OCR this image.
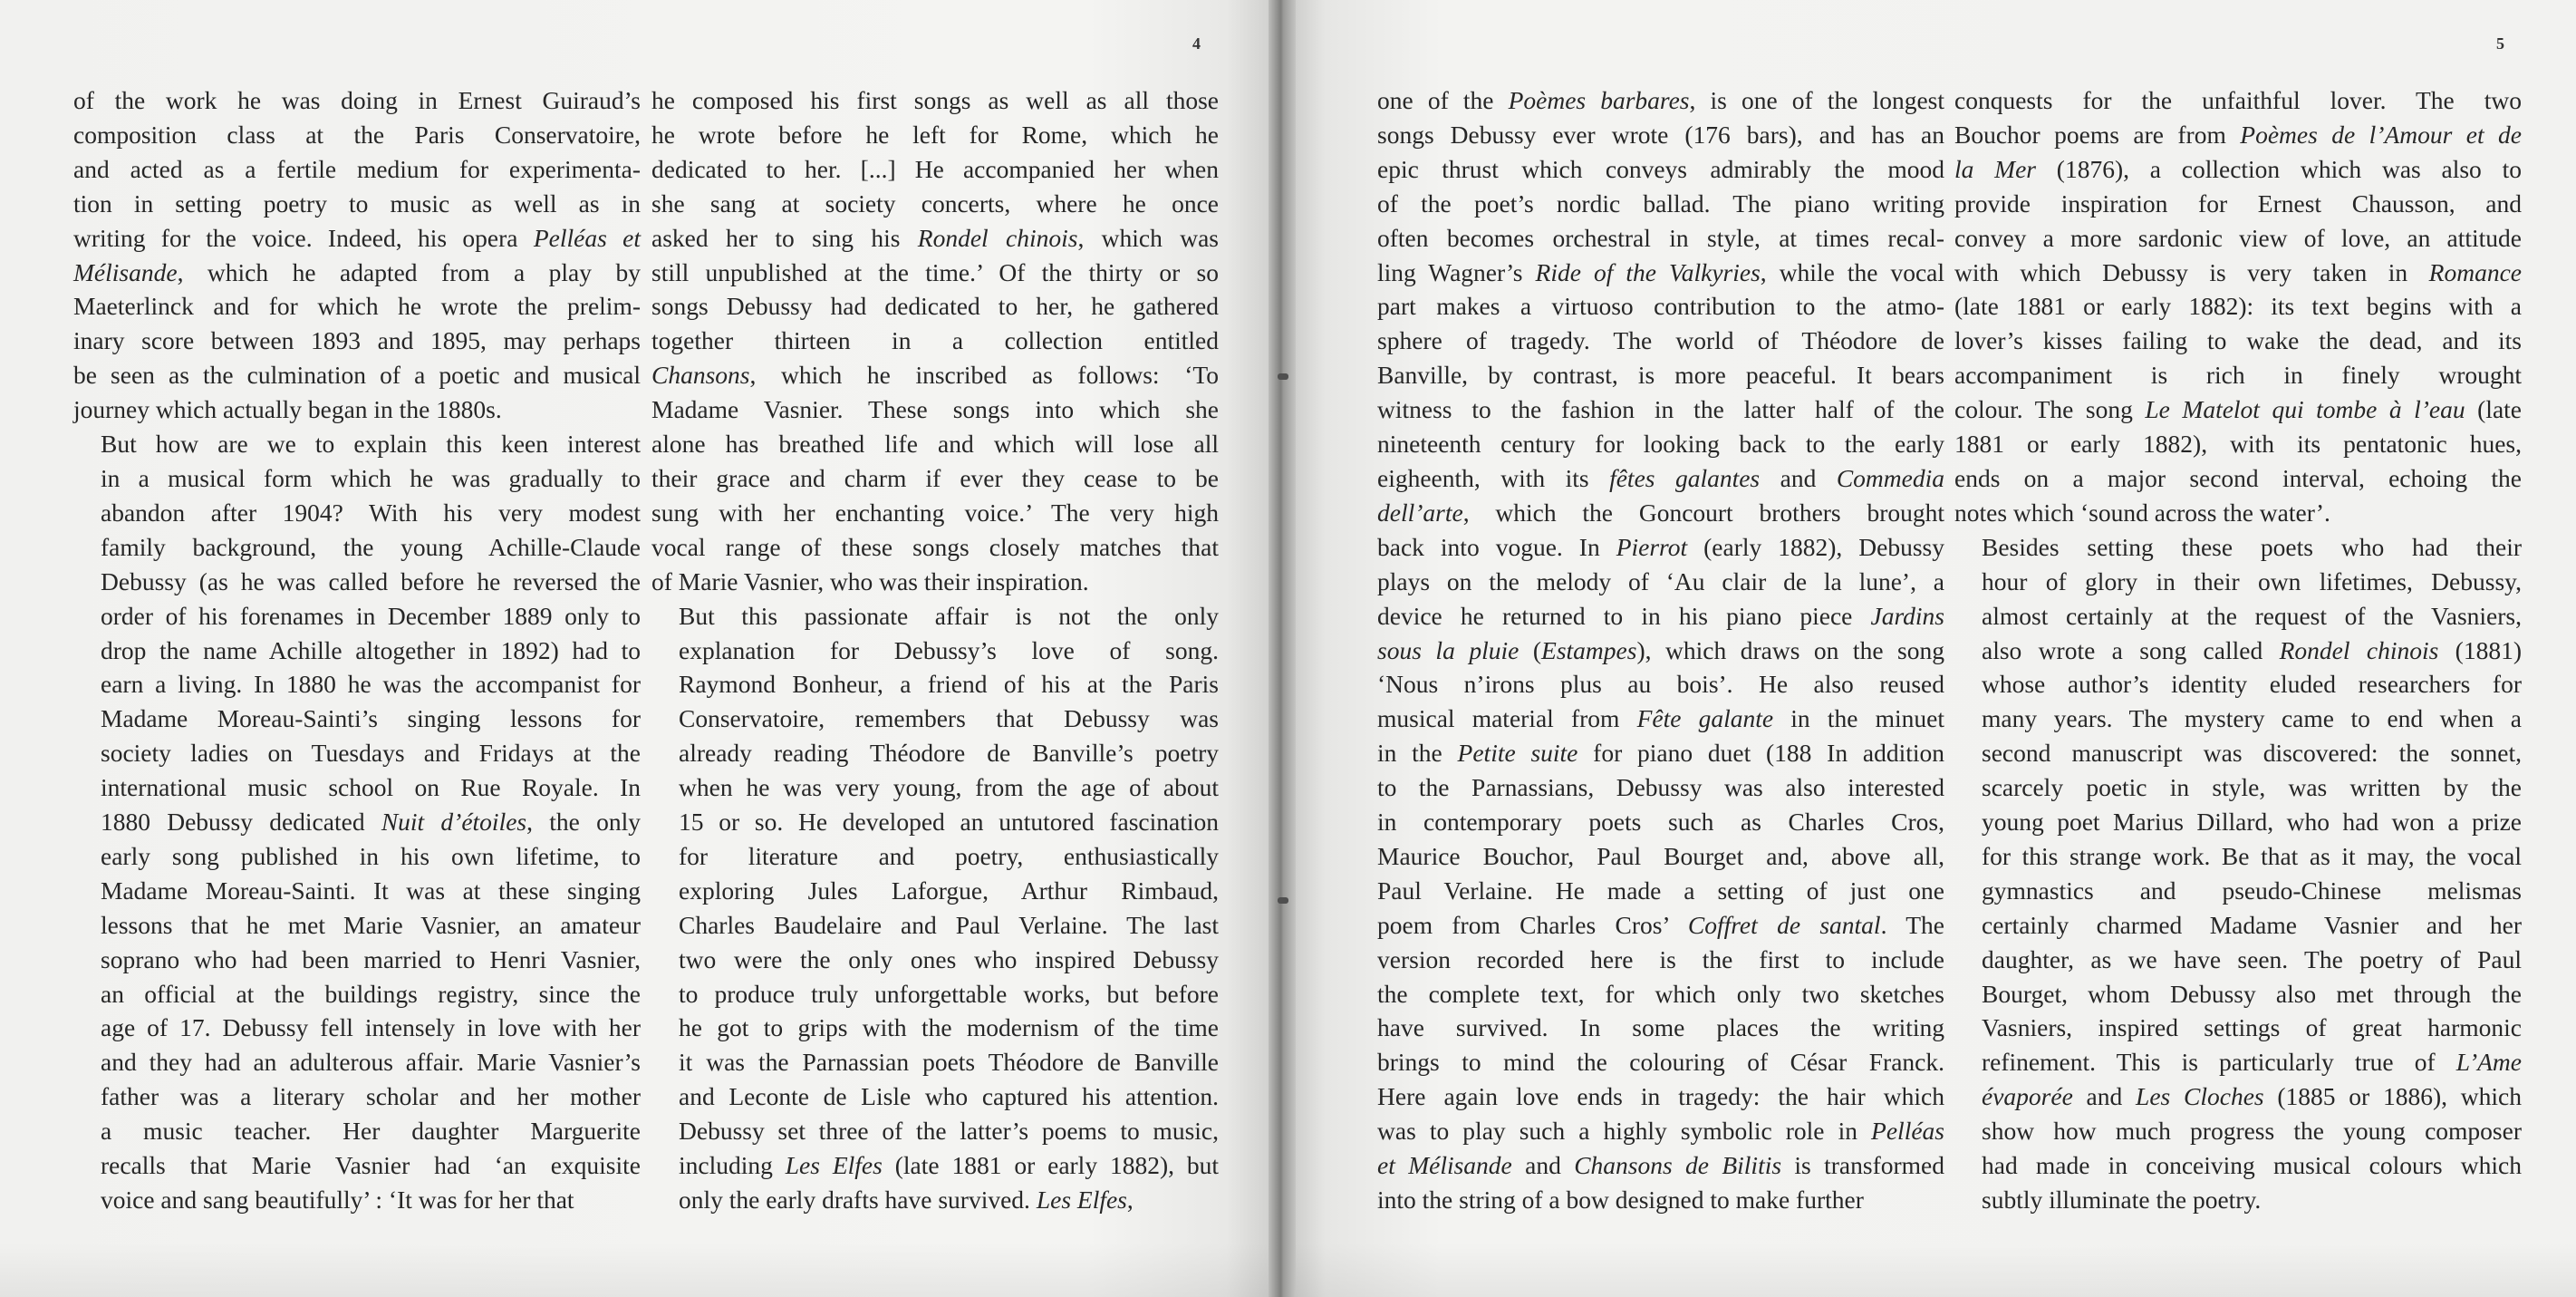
4

of the work he was doing in Ernest Guiraud’s
composition class at the Paris Conservatoire,
and acted as a fertile medium for experimenta-
tion in setting poetry to music as well as in
writing for the voice. Indeed, his opera Pelléas et
Mélisande, which he adapted from a play by
Maeterlinck and for which he wrote the prelim-
inary score between 1893 and 1895, may perhaps
be seen as the culmination of a poetic and musical
journey which actually began in the 1880s.

But how are we to explain this keen interest
in a musical form which he was gradually to
abandon after 1904? With his very modest
family background, the young Achille-Claude
Debussy (as he was called before he reversed the
order of his forenames in December 1889 only to
drop the name Achille altogether in 1892) had to
earn a living. In 1880 he was the accompanist for
Madame Moreau-Sainti’s singing lessons for
society ladies on Tuesdays and Fridays at the
international music school on Rue Royale. In
1880 Debussy dedicated Nuit d’étoiles, the only
early song published in his own lifetime, to
Madame Moreau-Sainti. It was at these singing
lessons that he met Marie Vasnier, an amateur
soprano who had been married to Henri Vasnier,
an official at the buildings registry, since the
age of 17. Debussy fell intensely in love with her
and they had an adulterous affair. Marie Vasnier’s
father was a literary scholar and her mother
a music teacher. Her daughter Marguerite
recalls that Marie Vasnier had ‘an exquisite
voice and sang beautifully’ : ‘It was for her that

he composed his first songs as well as all those
he wrote before he left for Rome, which he
dedicated to her. [...] He accompanied her when
she sang at society concerts, where he once
asked her to sing his Rondel chinois, which was
still unpublished at the time.’ Of the thirty or so
songs Debussy had dedicated to her, he gathered
together thirteen in a collection entitled
Chansons, which he inscribed as follows: ‘To
Madame Vasnier. These songs into which she
alone has breathed life and which will lose all
their grace and charm if ever they cease to be
sung with her enchanting voice.’ The very high
vocal range of these songs closely matches that
of Marie Vasnier, who was their inspiration.

But this passionate affair is not the only
explanation for Debussy’s love of song.
Raymond Bonheur, a friend of his at the Paris
Conservatoire, remembers that Debussy was
already reading Théodore de Banville’s poetry
when he was very young, from the age of about
15 or so. He developed an untutored fascination
for literature and poetry, enthusiastically
exploring Jules Laforgue, Arthur Rimbaud,
Charles Baudelaire and Paul Verlaine. The last
two were the only ones who inspired Debussy
to produce truly unforgettable works, but before
he got to grips with the modernism of the time
it was the Parnassian poets Théodore de Banville
and Leconte de Lisle who captured his attention.
Debussy set three of the latter’s poems to music,
including Les Elfes (late 1881 or early 1882), but
only the early drafts have survived. Les Elfes,

5

one of the Poèmes barbares, is one of the longest
songs Debussy ever wrote (176 bars), and has an
epic thrust which conveys admirably the mood
of the poet’s nordic ballad. The piano writing
often becomes orchestral in style, at times recal-
ling Wagner’s Ride of the Valkyries, while the vocal
part makes a virtuoso contribution to the atmo-
sphere of tragedy. The world of Théodore de
Banville, by contrast, is more peaceful. It bears
witness to the fashion in the latter half of the
nineteenth century for looking back to the early
eigheenth, with its fêtes galantes and Commedia
dell’arte, which the Goncourt brothers brought
back into vogue. In Pierrot (early 1882), Debussy
plays on the melody of ‘Au clair de la lune’, a
device he returned to in his piano piece Jardins
sous la pluie (Estampes), which draws on the song
‘Nous n’irons plus au bois’. He also reused
musical material from Fête galante in the minuet
in the Petite suite for piano duet (188 In addition
to the Parnassians, Debussy was also interested
in contemporary poets such as Charles Cros,
Maurice Bouchor, Paul Bourget and, above all,
Paul Verlaine. He made a setting of just one
poem from Charles Cros’ Coffret de santal. The
version recorded here is the first to include
the complete text, for which only two sketches
have survived. In some places the writing
brings to mind the colouring of César Franck.
Here again love ends in tragedy: the hair which
was to play such a highly symbolic role in Pelléas
et Mélisande and Chansons de Bilitis is transformed
into the string of a bow designed to make further

conquests for the unfaithful lover. The two
Bouchor poems are from Poèmes de l’Amour et de
la Mer (1876), a collection which was also to
provide inspiration for Ernest Chausson, and
convey a more sardonic view of love, an attitude
with which Debussy is very taken in Romance
(late 1881 or early 1882): its text begins with a
lover’s kisses failing to wake the dead, and its
accompaniment is rich in finely wrought
colour. The song Le Matelot qui tombe à l’eau (late
1881 or early 1882), with its pentatonic hues,
ends on a major second interval, echoing the
notes which ‘sound across the water’.

Besides setting these poets who had their
hour of glory in their own lifetimes, Debussy,
almost certainly at the request of the Vasniers,
also wrote a song called Rondel chinois (1881)
whose author’s identity eluded researchers for
many years. The mystery came to end when a
second manuscript was discovered: the sonnet,
scarcely poetic in style, was written by the
young poet Marius Dillard, who had won a prize
for this strange work. Be that as it may, the vocal
gymnastics and pseudo-Chinese melismas
certainly charmed Madame Vasnier and her
daughter, as we have seen. The poetry of Paul
Bourget, whom Debussy also met through the
Vasniers, inspired settings of great harmonic
refinement. This is particularly true of L’Ame
évaporée and Les Cloches (1885 or 1886), which
show how much progress the young composer
had made in conceiving musical colours which
subtly illuminate the poetry.
